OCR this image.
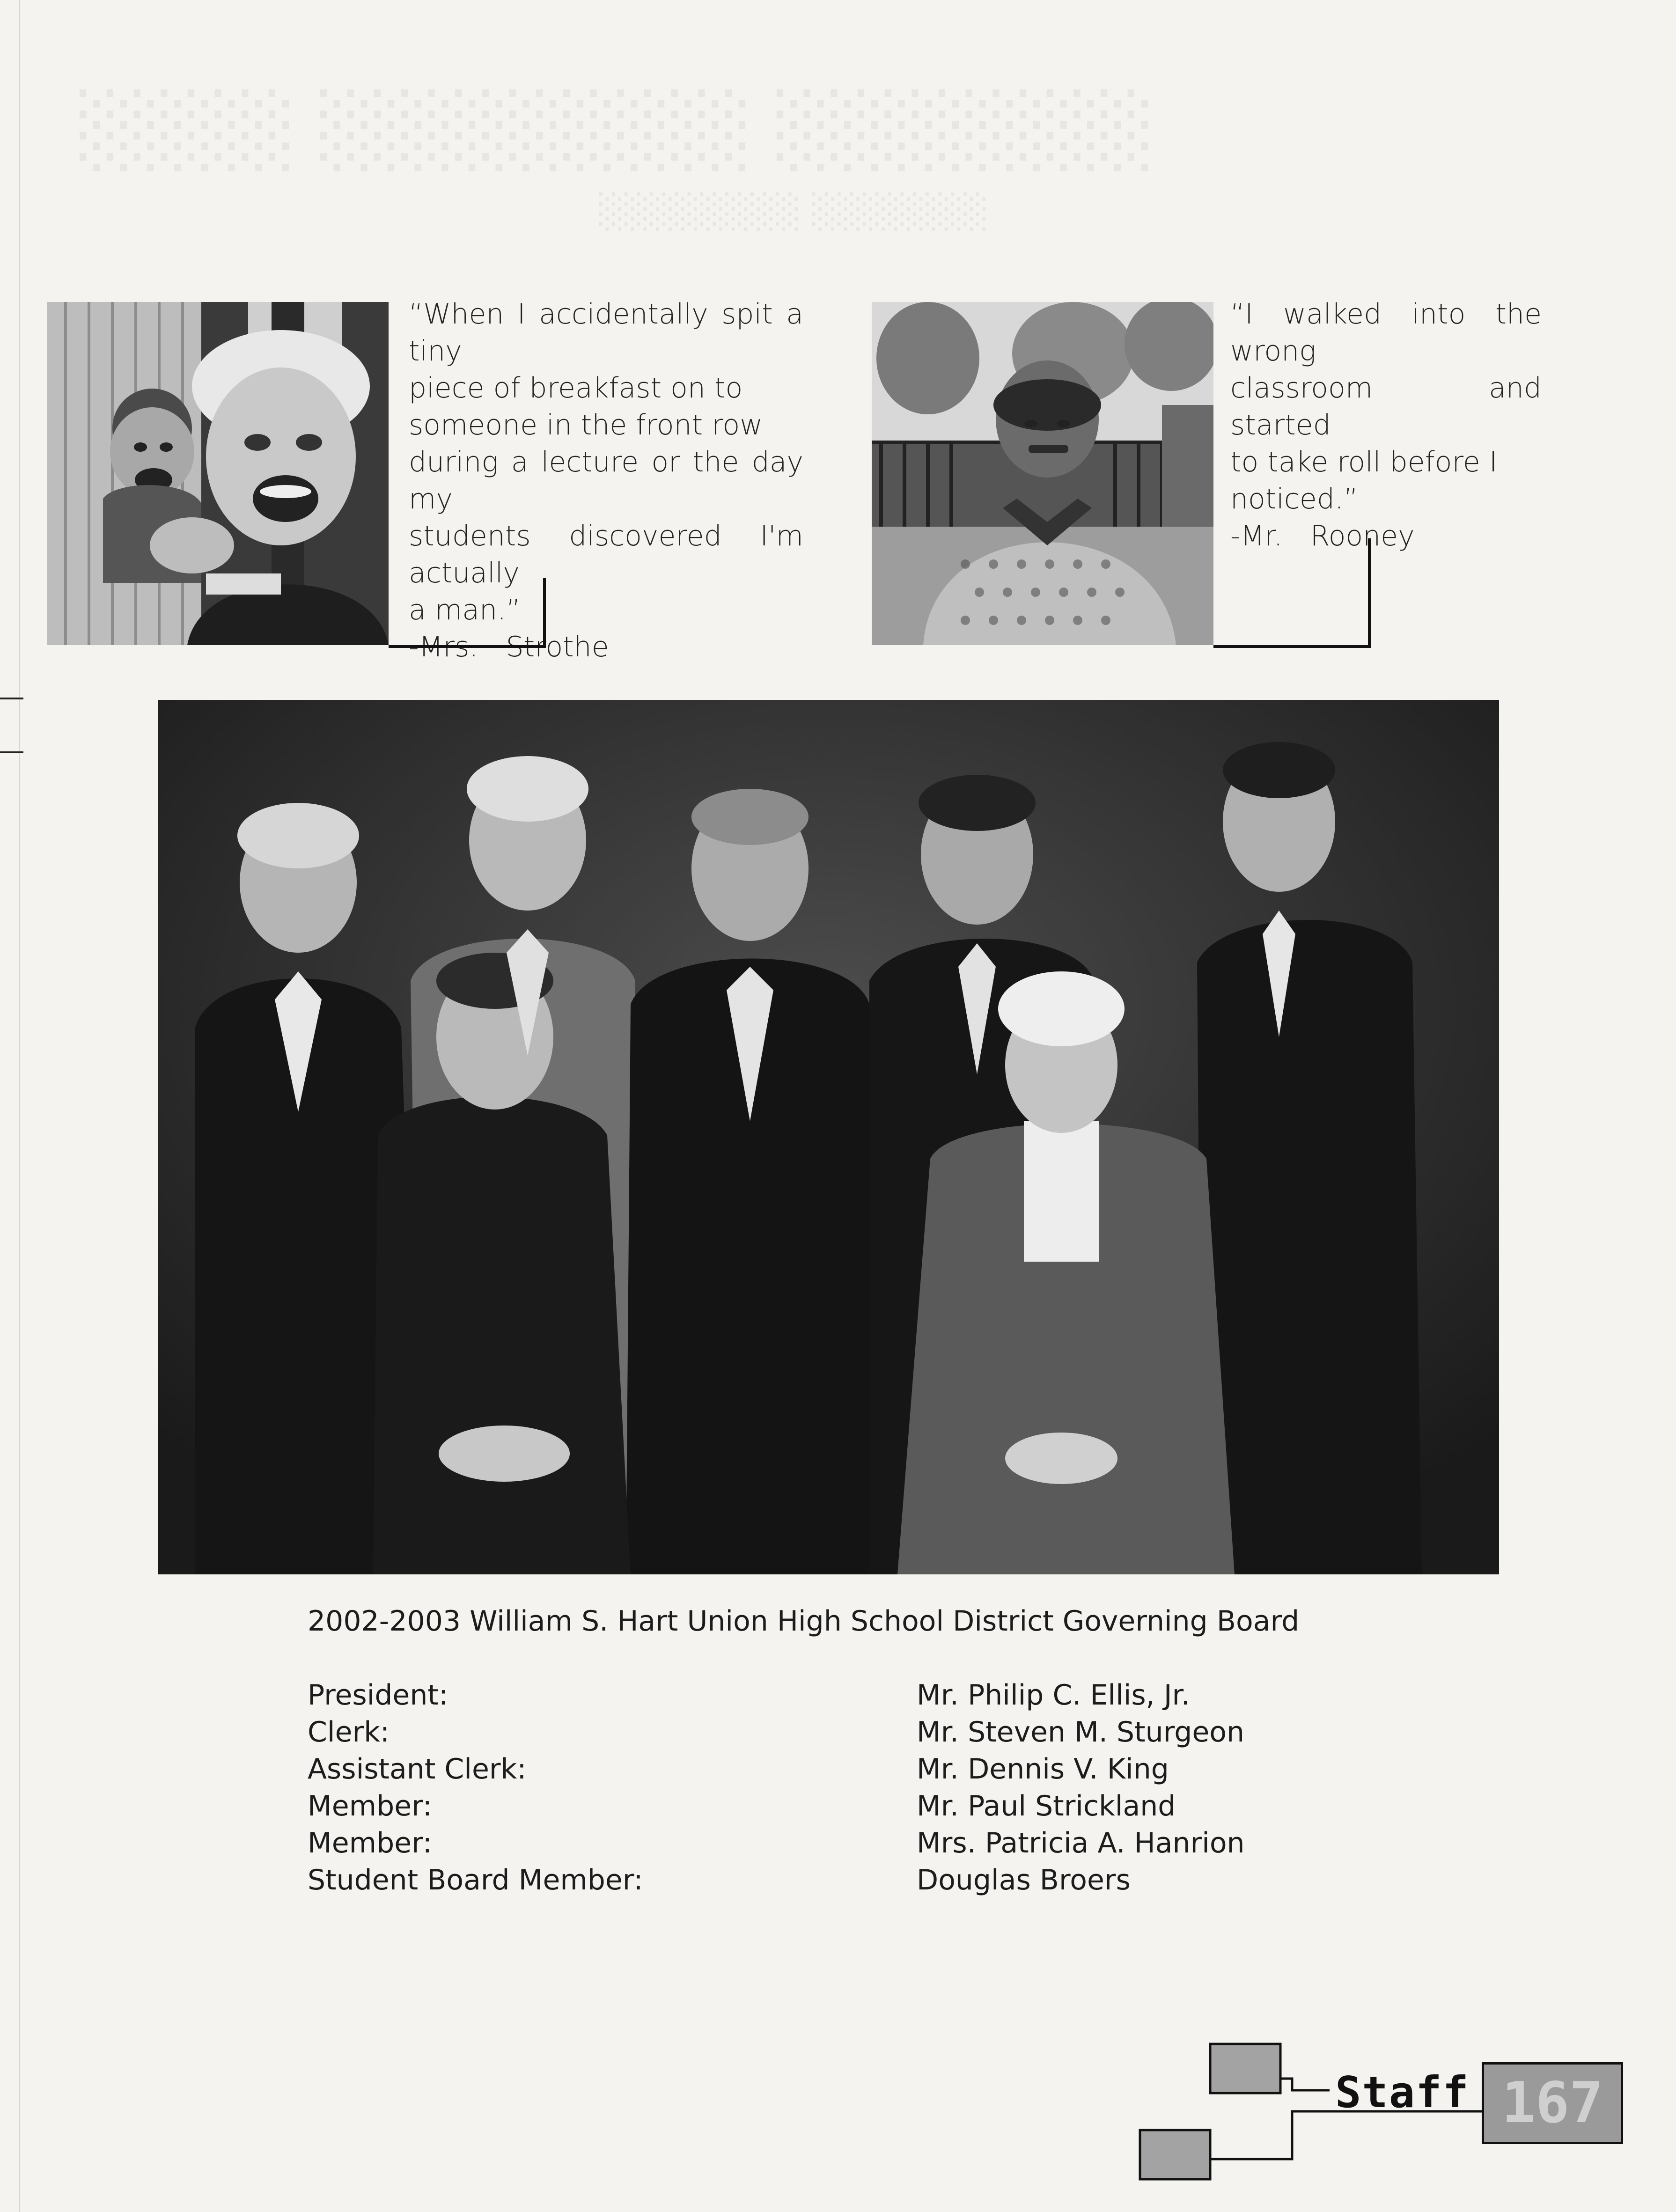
░░░░ ░░░░░░░░ ░░░░░░░
░░░░░░░░ ░░░░░░░
“When I accidentally spit a tiny
piece of breakfast on to
someone in the front row
during a lecture or the day my
students discovered I'm actually
a man.”
-Mrs. Strothe
“I walked into the wrong
classroom and started
to take roll before I
noticed.”
-Mr. Rooney
2002-2003 William S. Hart Union High School District Governing Board
President:
Clerk:
Assistant Clerk:
Member:
Member:
Student Board Member:
Mr. Philip C. Ellis, Jr.
Mr. Steven M. Sturgeon
Mr. Dennis V. King
Mr. Paul Strickland
Mrs. Patricia A. Hanrion
Douglas Broers
Staff 167
